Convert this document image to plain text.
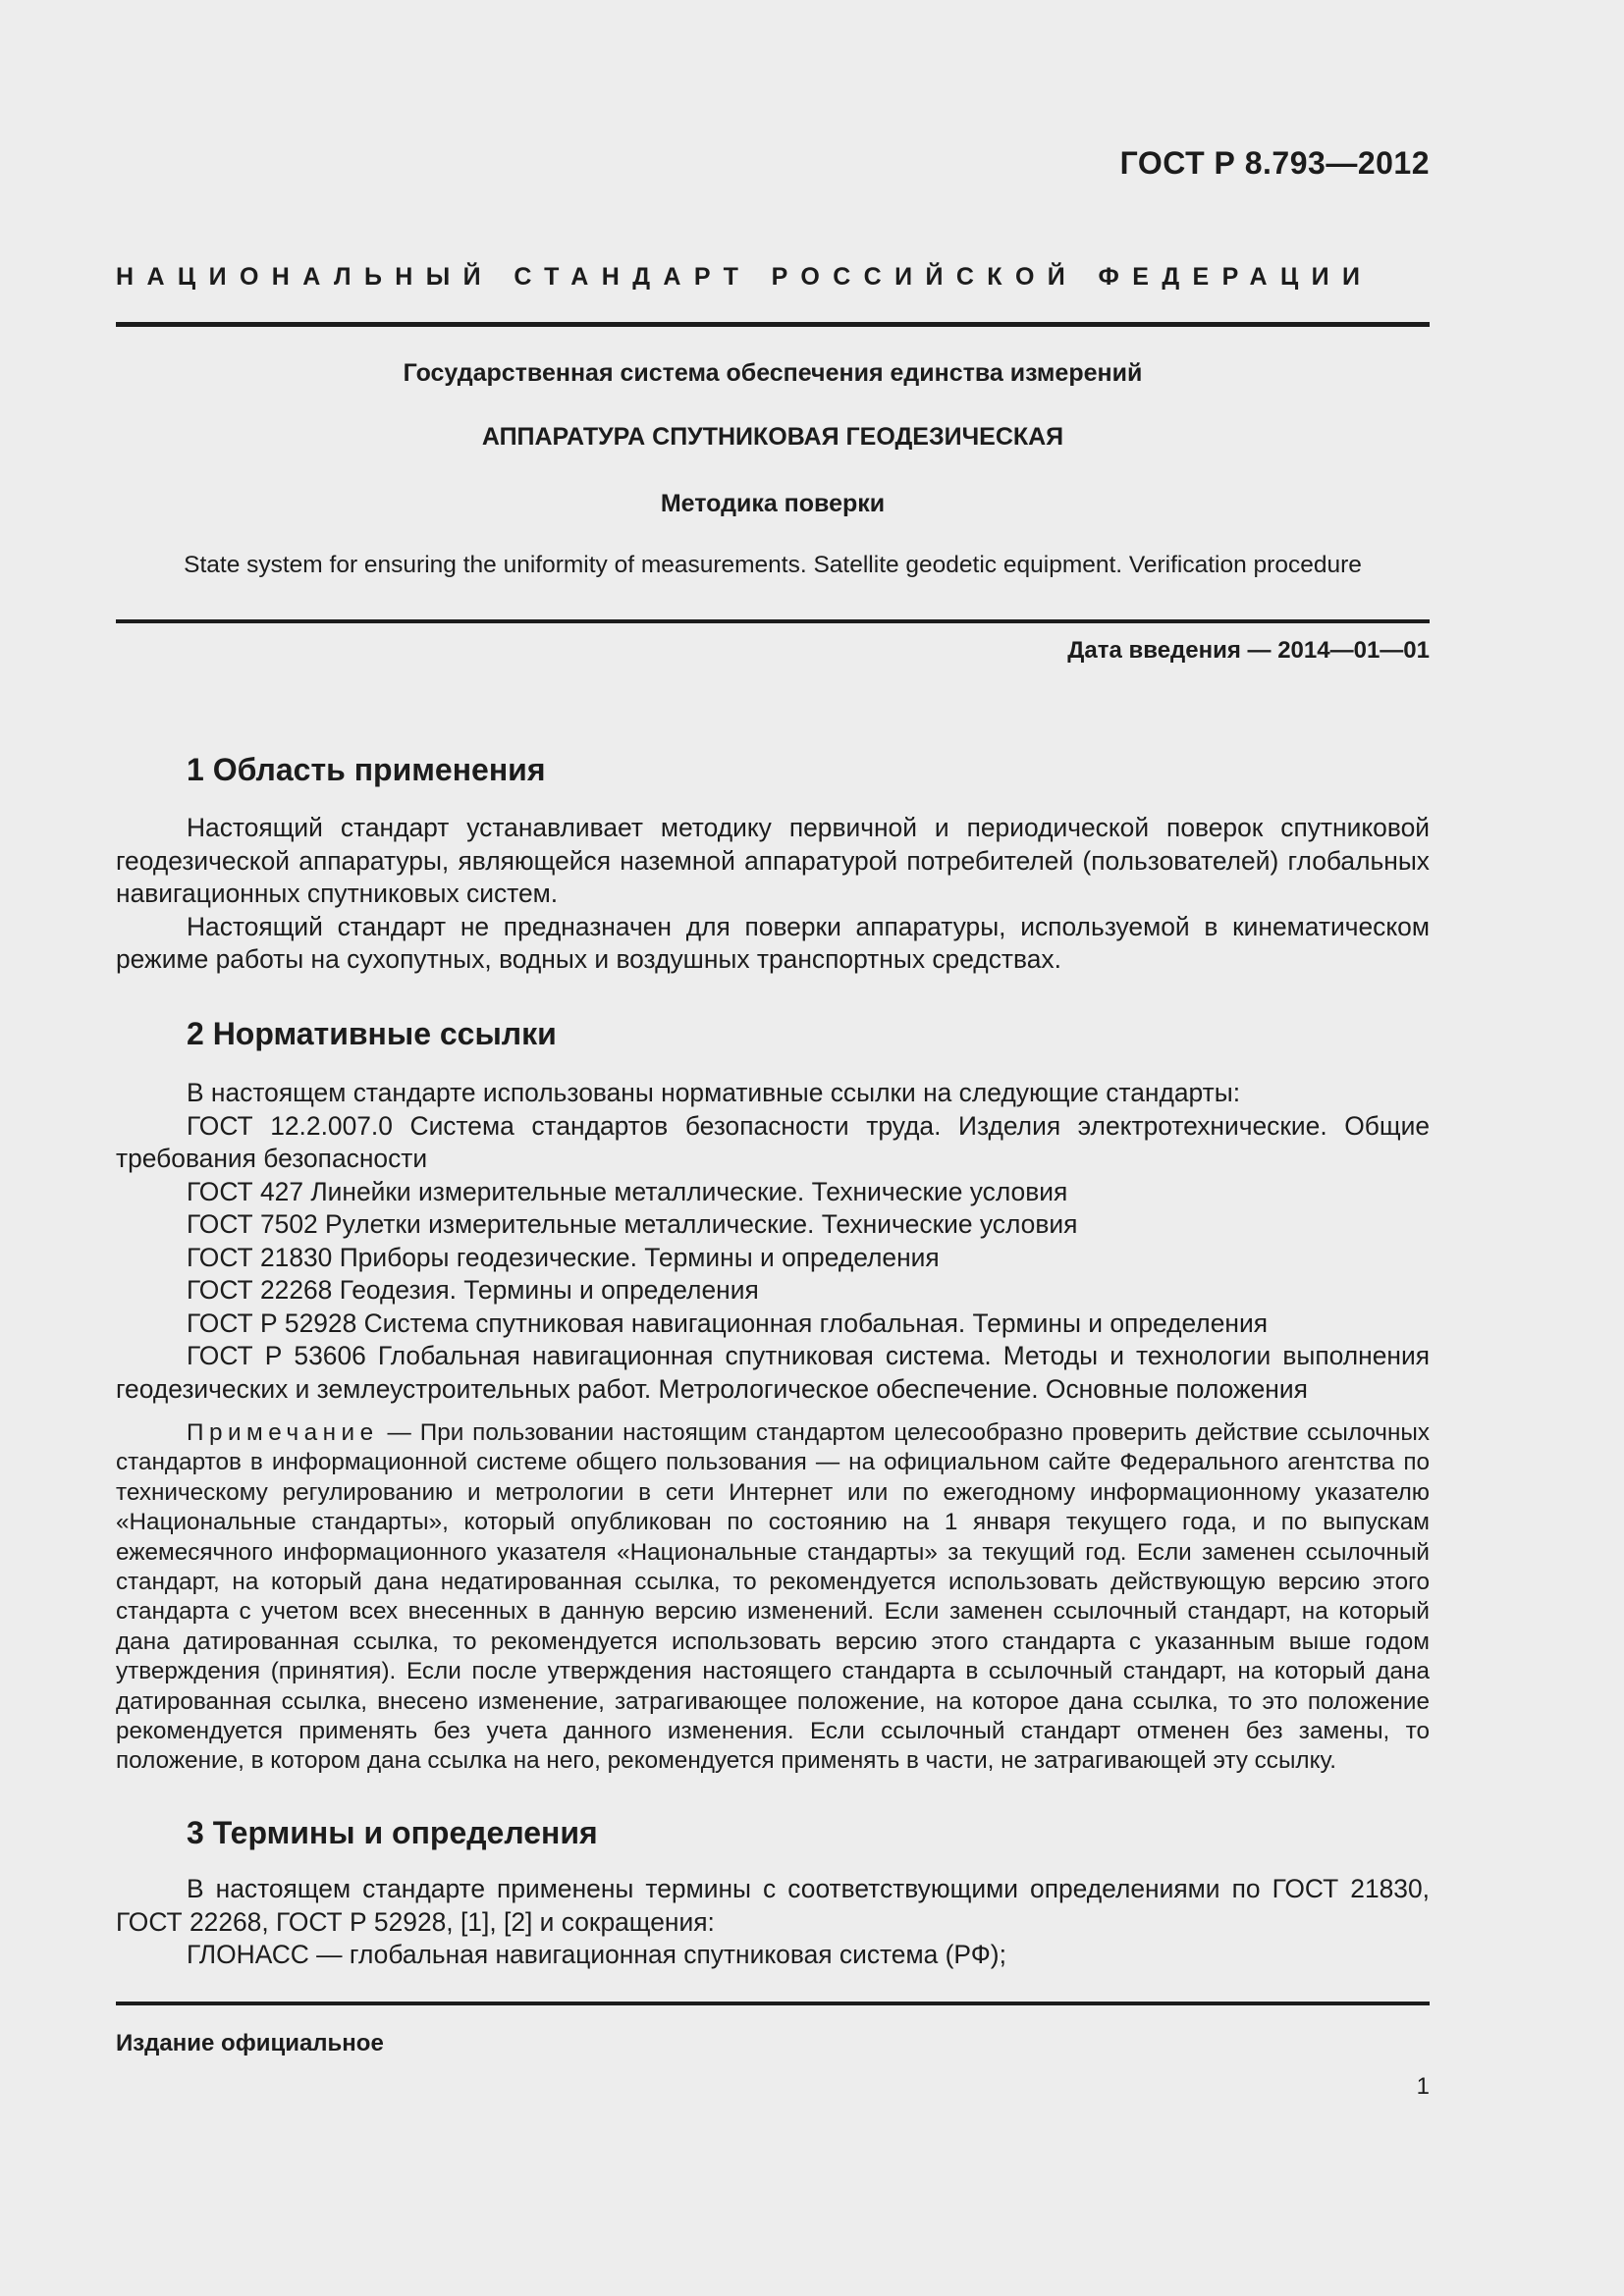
ГОСТ Р 8.793—2012
НАЦИОНАЛЬНЫЙ СТАНДАРТ РОССИЙСКОЙ ФЕДЕРАЦИИ
Государственная система обеспечения единства измерений
АППАРАТУРА СПУТНИКОВАЯ ГЕОДЕЗИЧЕСКАЯ
Методика поверки
State system for ensuring the uniformity of measurements. Satellite geodetic equipment. Verification procedure
Дата введения — 2014—01—01
1 Область применения

Настоящий стандарт устанавливает методику первичной и периодической поверок спутниковой геодезической аппаратуры, являющейся наземной аппаратурой потребителей (пользователей) глобальных навигационных спутниковых систем.

Настоящий стандарт не предназначен для поверки аппаратуры, используемой в кинематическом режиме работы на сухопутных, водных и воздушных транспортных средствах.

2 Нормативные ссылки

В настоящем стандарте использованы нормативные ссылки на следующие стандарты:

ГОСТ 12.2.007.0 Система стандартов безопасности труда. Изделия электротехнические. Общие требования безопасности

ГОСТ 427 Линейки измерительные металлические. Технические условия

ГОСТ 7502 Рулетки измерительные металлические. Технические условия

ГОСТ 21830 Приборы геодезические. Термины и определения

ГОСТ 22268 Геодезия. Термины и определения

ГОСТ Р 52928 Система спутниковая навигационная глобальная. Термины и определения

ГОСТ Р 53606 Глобальная навигационная спутниковая система. Методы и технологии выполнения геодезических и землеустроительных работ. Метрологическое обеспечение. Основные положения

Примечание — При пользовании настоящим стандартом целесообразно проверить действие ссылочных стандартов в информационной системе общего пользования — на официальном сайте Федерального агентства по техническому регулированию и метрологии в сети Интернет или по ежегодному информационному указателю «Национальные стандарты», который опубликован по состоянию на 1 января текущего года, и по выпускам ежемесячного информационного указателя «Национальные стандарты» за текущий год. Если заменен ссылочный стандарт, на который дана недатированная ссылка, то рекомендуется использовать действующую версию этого стандарта с учетом всех внесенных в данную версию изменений. Если заменен ссылочный стандарт, на который дана датированная ссылка, то рекомендуется использовать версию этого стандарта с указанным выше годом утверждения (принятия). Если после утверждения настоящего стандарта в ссылочный стандарт, на который дана датированная ссылка, внесено изменение, затрагивающее положение, на которое дана ссылка, то это положение рекомендуется применять без учета данного изменения. Если ссылочный стандарт отменен без замены, то положение, в котором дана ссылка на него, рекомендуется применять в части, не затрагивающей эту ссылку.

3 Термины и определения

В настоящем стандарте применены термины с соответствующими определениями по ГОСТ 21830, ГОСТ 22268, ГОСТ Р 52928, [1], [2] и сокращения:

ГЛОНАСС — глобальная навигационная спутниковая система (РФ);

Издание официальное
1
